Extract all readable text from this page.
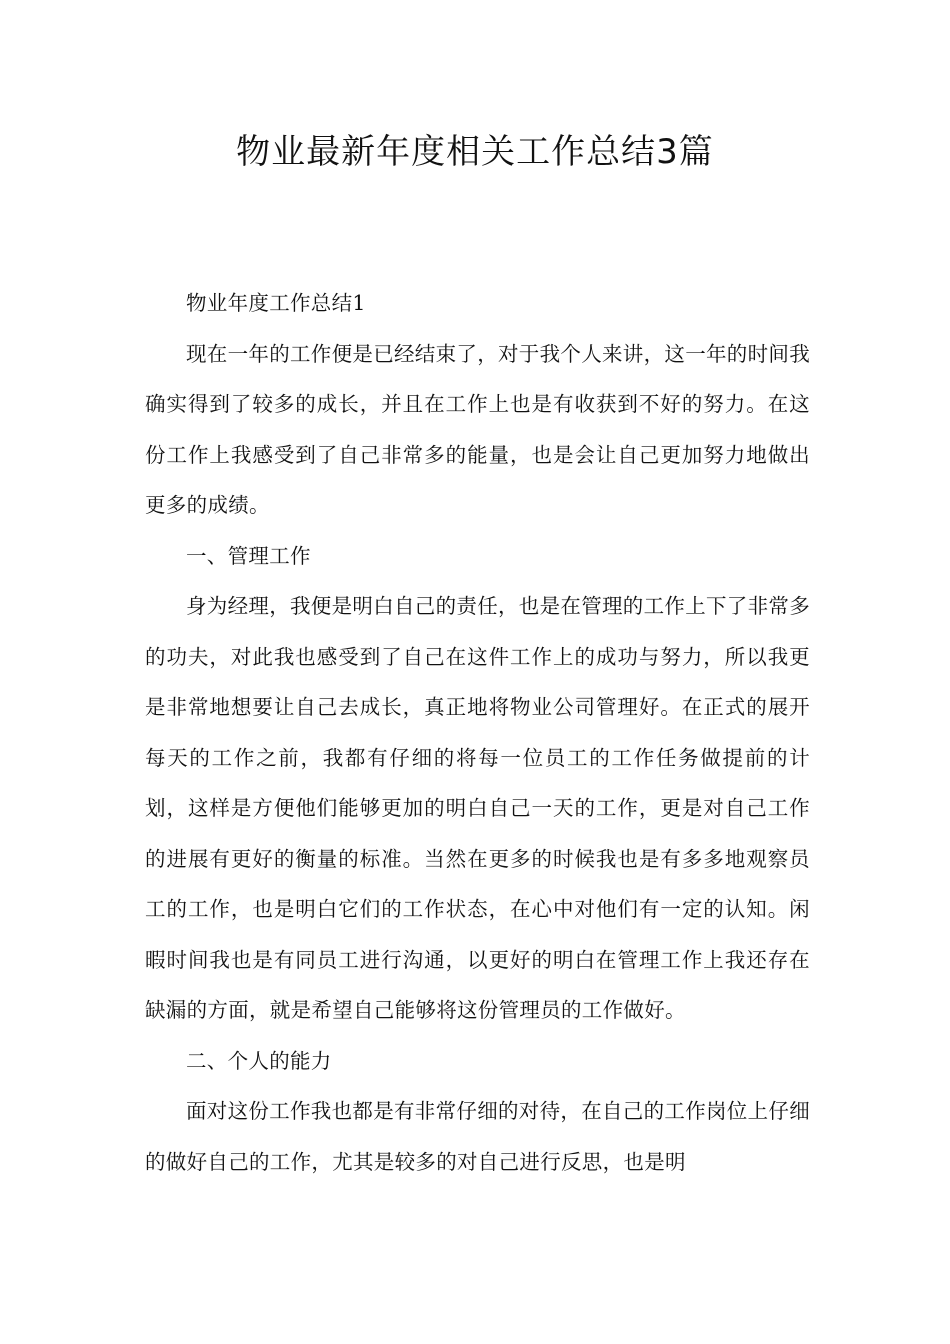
物业最新年度相关工作总结3篇

物业年度工作总结1

现在一年的工作便是已经结束了，对于我个人来讲，这一年的时间我确实得到了较多的成长，并且在工作上也是有收获到不好的努力。在这份工作上我感受到了自己非常多的能量，也是会让自己更加努力地做出更多的成绩。

一、管理工作

身为经理，我便是明白自己的责任，也是在管理的工作上下了非常多的功夫，对此我也感受到了自己在这件工作上的成功与努力，所以我更是非常地想要让自己去成长，真正地将物业公司管理好。在正式的展开每天的工作之前，我都有仔细的将每一位员工的工作任务做提前的计划，这样是方便他们能够更加的明白自己一天的工作，更是对自己工作的进展有更好的衡量的标准。当然在更多的时候我也是有多多地观察员工的工作，也是明白它们的工作状态，在心中对他们有一定的认知。闲暇时间我也是有同员工进行沟通，以更好的明白在管理工作上我还存在缺漏的方面，就是希望自己能够将这份管理员的工作做好。

二、个人的能力

面对这份工作我也都是有非常仔细的对待，在自己的工作岗位上仔细的做好自己的工作，尤其是较多的对自己进行反思，也是明
